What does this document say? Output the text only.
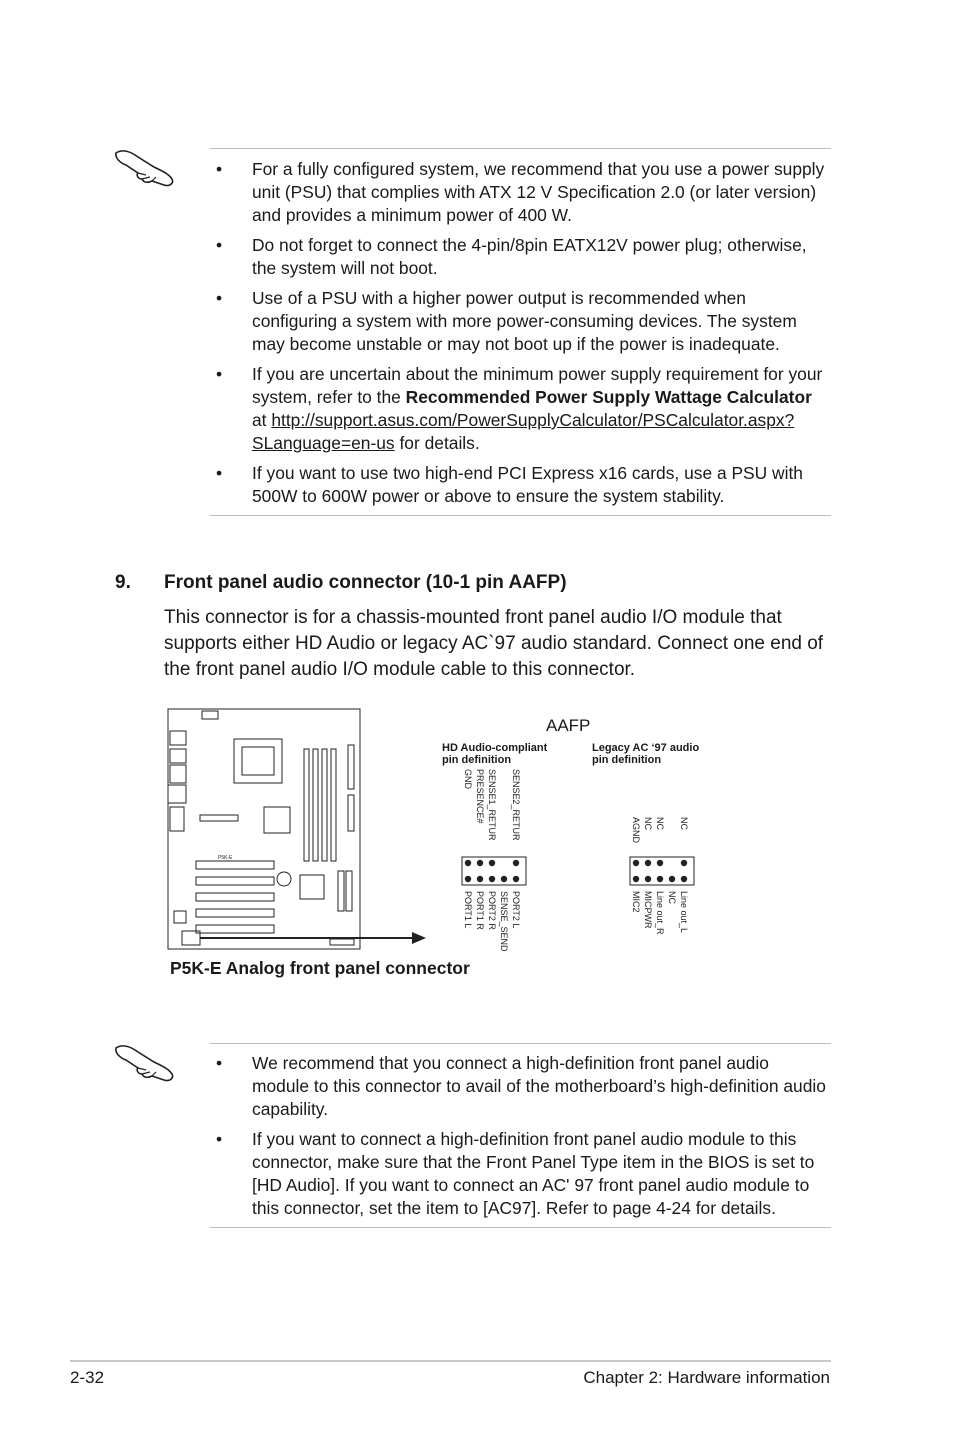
• For a fully configured system, we recommend that you use a power supply unit (PSU) that complies with ATX 12 V Specification 2.0 (or later version) and provides a minimum power of 400 W.
• Do not forget to connect the 4-pin/8pin EATX12V power plug; otherwise, the system will not boot.
• Use of a PSU with a higher power output is recommended when configuring a system with more power-consuming devices. The system may become unstable or may not boot up if the power is inadequate.
• If you are uncertain about the minimum power supply requirement for your system, refer to the Recommended Power Supply Wattage Calculator at http://support.asus.com/PowerSupplyCalculator/PSCalculator.aspx?SLanguage=en-us for details.
• If you want to use two high-end PCI Express x16 cards, use a PSU with 500W to 600W power or above to ensure the system stability.
9. Front panel audio connector (10-1 pin AAFP)
This connector is for a chassis-mounted front panel audio I/O module that supports either HD Audio or legacy AC`97 audio standard. Connect one end of the front panel audio I/O module cable to this connector.
P5K-E
GND PRESENCE# SENSE1_RETUR SENSE2_RETUR
PORT1 L PORT1 R PORT2 R SENSE_SEND PORT2 L
AGND NC NC NC
MIC2 MICPWR Line out_R NC Line out_L
AAFP
HD Audio-compliant
pin definition
Legacy AC ‘97 audio
pin definition
P5K-E Analog front panel connector
• We recommend that you connect a high-definition front panel audio module to this connector to avail of the motherboard’s high-definition audio capability.
• If you want to connect a high-definition front panel audio module to this connector, make sure that the Front Panel Type item in the BIOS is set to [HD Audio]. If you want to connect an AC' 97 front panel audio module to this connector, set the item to [AC97]. Refer to page 4-24 for details.
2-32	Chapter 2: Hardware information
